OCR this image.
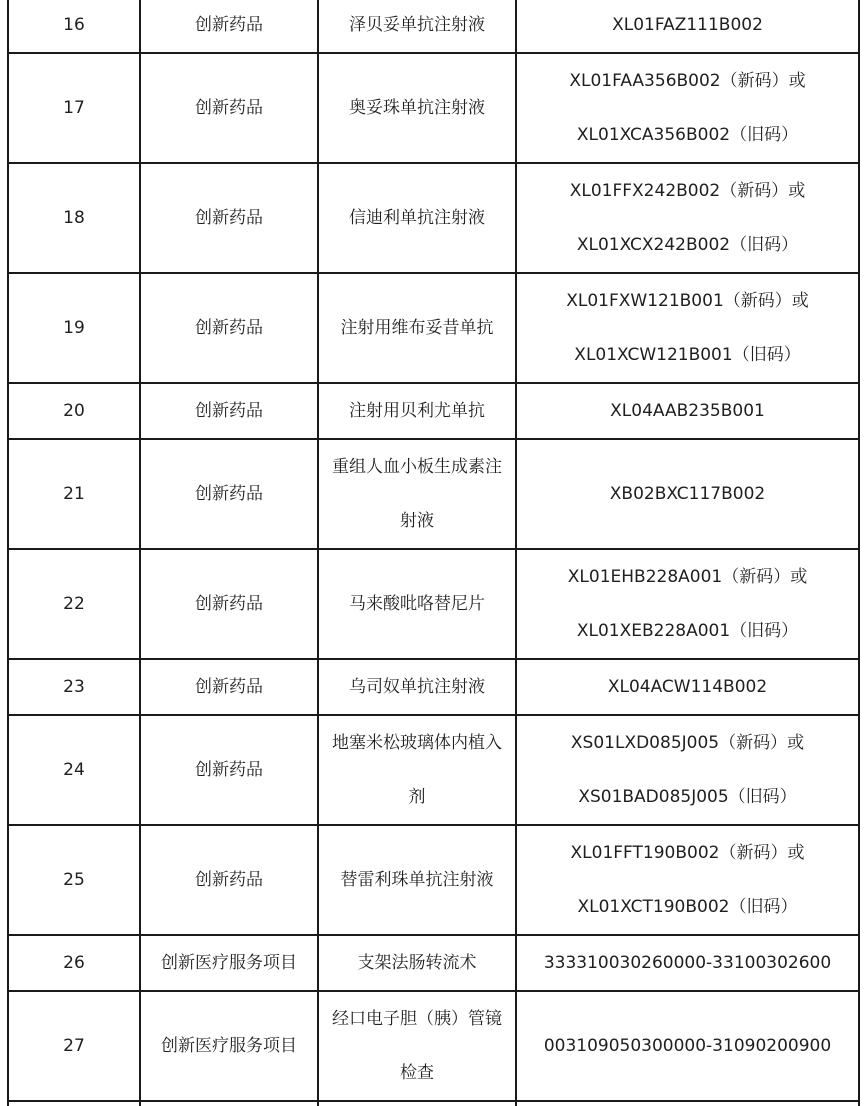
16	创新药品	泽贝妥单抗注射液	XL01FAZ111B002

17	创新药品	奥妥珠单抗注射液	XL01FAA356B002（新码）或
XL01XCA356B002（旧码）

18	创新药品	信迪利单抗注射液	XL01FFX242B002（新码）或
XL01XCX242B002（旧码）

19	创新药品	注射用维布妥昔单抗	XL01FXW121B001（新码）或
XL01XCW121B001（旧码）

20	创新药品	注射用贝利尤单抗	XL04AAB235B001

21	创新药品	重组人血小板生成素注
射液	XB02BXC117B002

22	创新药品	马来酸吡咯替尼片	XL01EHB228A001（新码）或
XL01XEB228A001（旧码）

23	创新药品	乌司奴单抗注射液	XL04ACW114B002

24	创新药品	地塞米松玻璃体内植入
剂	XS01LXD085J005（新码）或
XS01BAD085J005（旧码）

25	创新药品	替雷利珠单抗注射液	XL01FFT190B002（新码）或
XL01XCT190B002（旧码）

26	创新医疗服务项目	支架法肠转流术	333310030260000-33100302600

27	创新医疗服务项目	经口电子胆（胰）管镜
检查	003109050300000-31090200900
